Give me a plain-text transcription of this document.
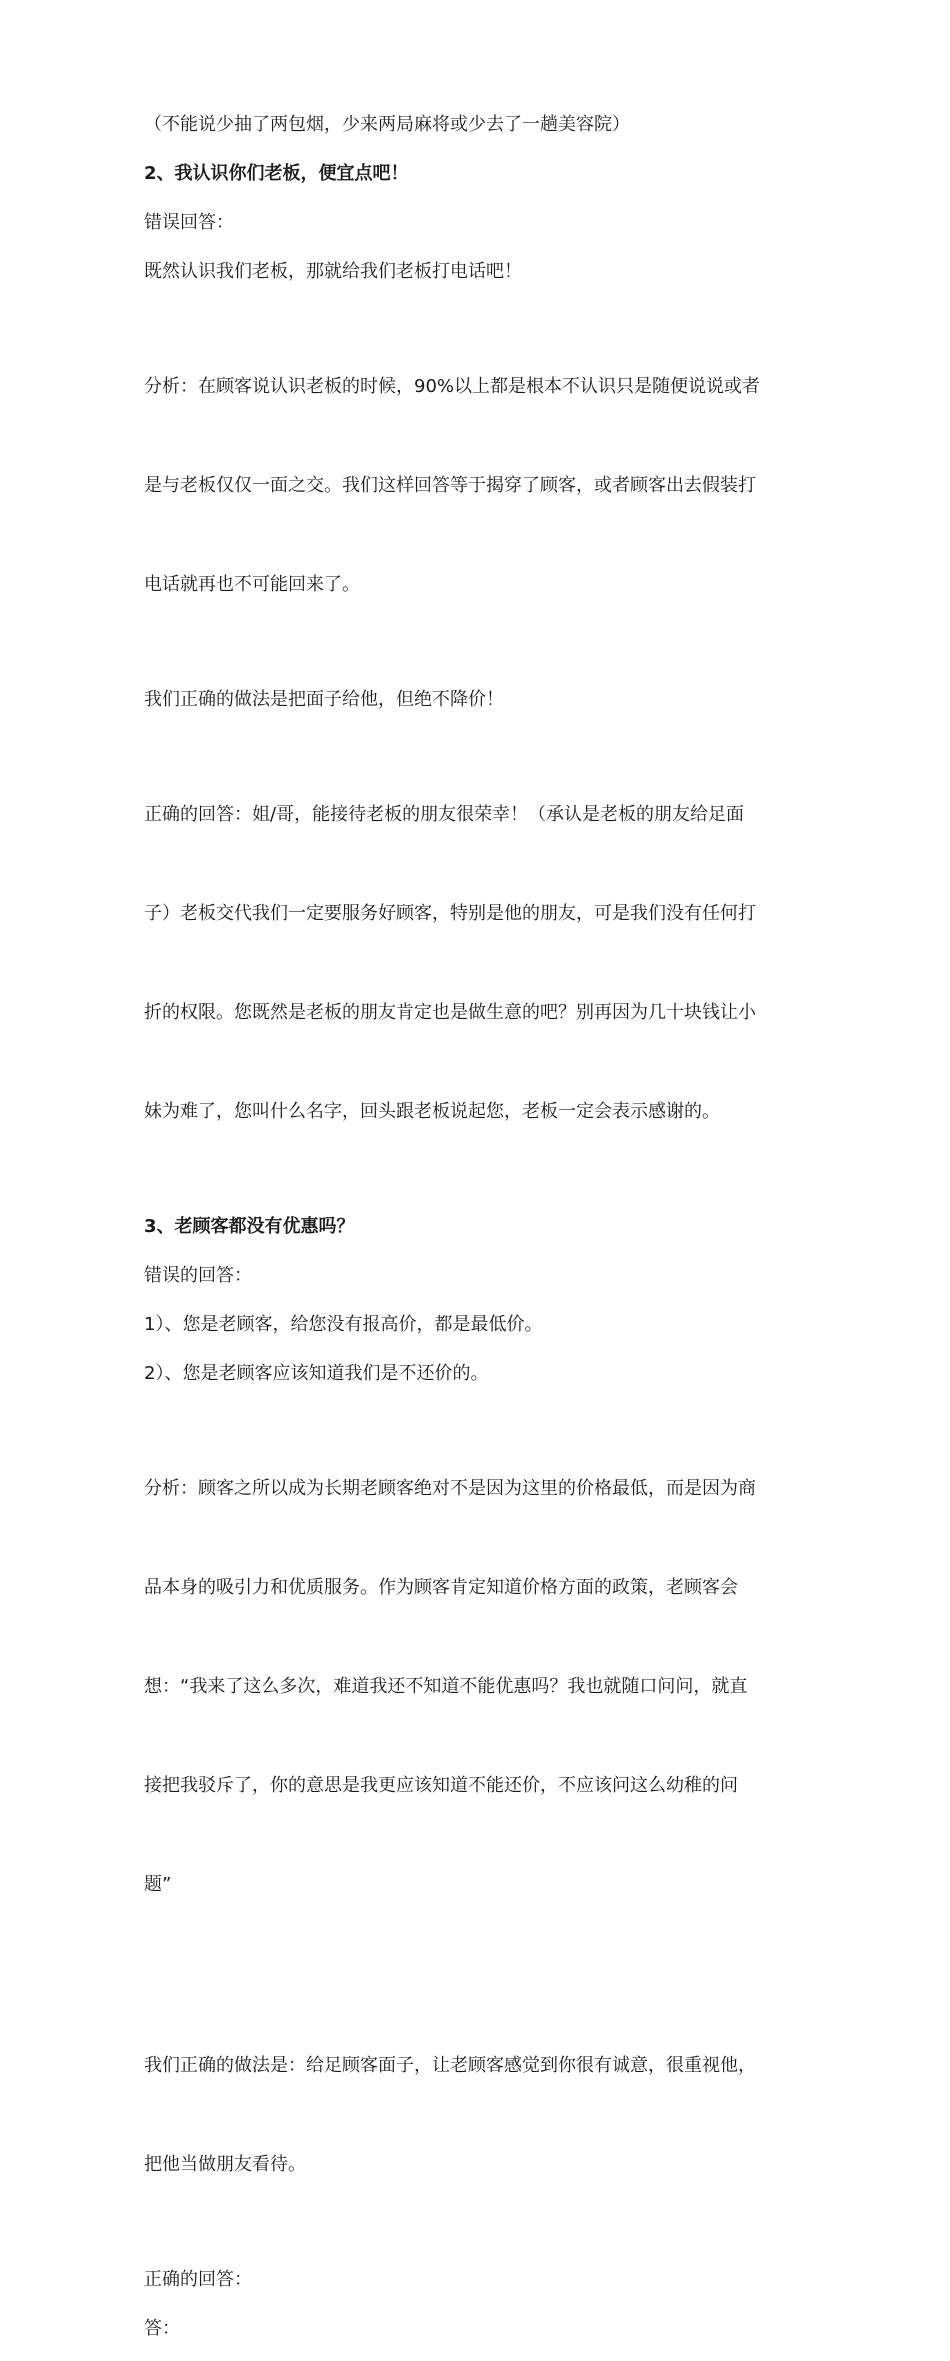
（不能说少抽了两包烟，少来两局麻将或少去了一趟美容院）

2、我认识你们老板，便宜点吧！

错误回答：

既然认识我们老板，那就给我们老板打电话吧！

分析：在顾客说认识老板的时候，90%以上都是根本不认识只是随便说说或者

是与老板仅仅一面之交。我们这样回答等于揭穿了顾客，或者顾客出去假装打

电话就再也不可能回来了。

我们正确的做法是把面子给他，但绝不降价！

正确的回答：姐/哥，能接待老板的朋友很荣幸！（承认是老板的朋友给足面

子）老板交代我们一定要服务好顾客，特别是他的朋友，可是我们没有任何打

折的权限。您既然是老板的朋友肯定也是做生意的吧？别再因为几十块钱让小

妹为难了，您叫什么名字，回头跟老板说起您，老板一定会表示感谢的。

3、老顾客都没有优惠吗？

错误的回答：

1）、您是老顾客，给您没有报高价，都是最低价。

2）、您是老顾客应该知道我们是不还价的。

分析：顾客之所以成为长期老顾客绝对不是因为这里的价格最低，而是因为商

品本身的吸引力和优质服务。作为顾客肯定知道价格方面的政策，老顾客会

想：“我来了这么多次，难道我还不知道不能优惠吗？我也就随口问问，就直

接把我驳斥了，你的意思是我更应该知道不能还价，不应该问这么幼稚的问

题”

我们正确的做法是：给足顾客面子，让老顾客感觉到你很有诚意，很重视他，

把他当做朋友看待。

正确的回答：

答：
